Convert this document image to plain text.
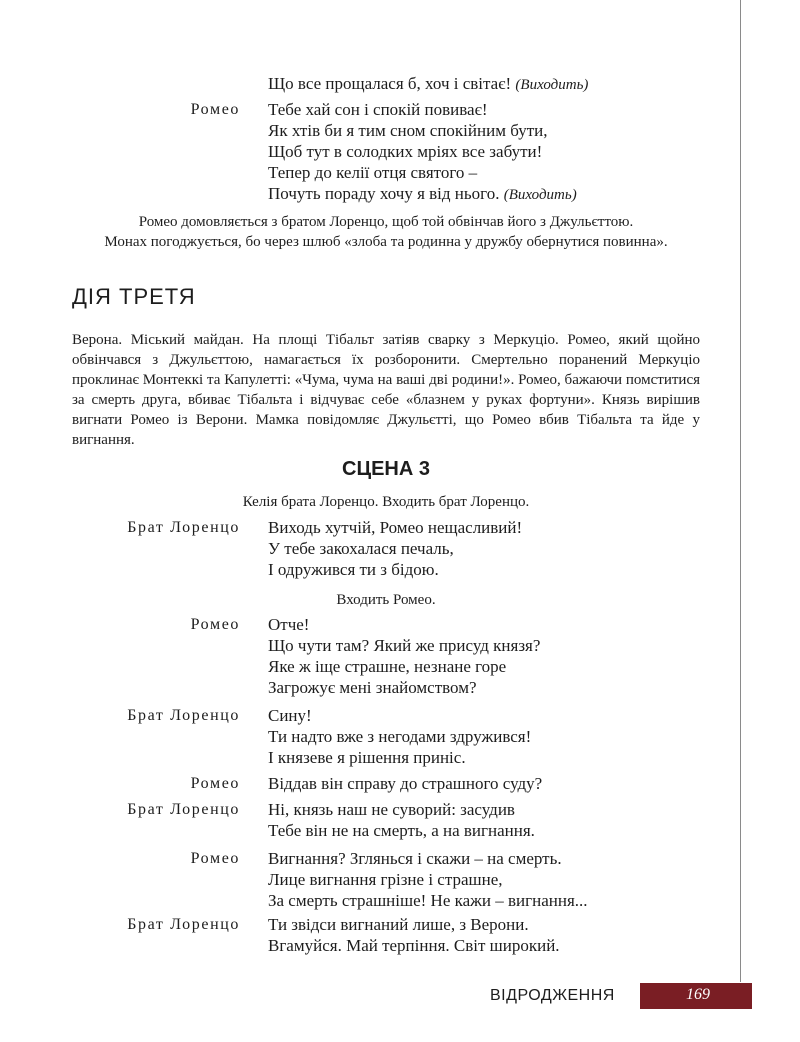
Що все прощалася б, хоч і світає! (Виходить)
Ромео Тебе хай сон і спокій повиває!
Як хтів би я тим сном спокійним бути,
Щоб тут в солодких мріях все забути!
Тепер до келії отця святого –
Почуть пораду хочу я від нього. (Виходить)
Ромео домовляється з братом Лоренцо, щоб той обвінчав його з Джульєттою.
Монах погоджується, бо через шлюб «злоба та родинна у дружбу обернутися повинна».
ДІЯ ТРЕТЯ
Верона. Міський майдан. На площі Тібальт затіяв сварку з Меркуціо. Ромео, який щойно обвінчався з Джульєттою, намагається їх розборонити. Смертельно поранений Меркуціо проклинає Монтеккі та Капулетті: «Чума, чума на ваші дві родини!». Ромео, бажаючи помститися за смерть друга, вбиває Тібальта і відчуває себе «блазнем у руках фортуни». Князь вирішив вигнати Ромео із Верони. Мамка повідомляє Джульєтті, що Ромео вбив Тібальта та йде у вигнання.
СЦЕНА 3
Келія брата Лоренцо. Входить брат Лоренцо.
Брат Лоренцо Виходь хутчій, Ромео нещасливий!
У тебе закохалася печаль,
І одружився ти з бідою.
Входить Ромео.
Ромео Отче!
Що чути там? Який же присуд князя?
Яке ж іще страшне, незнане горе
Загрожує мені знайомством?
Брат Лоренцо Сину!
Ти надто вже з негодами здружився!
І князеве я рішення приніс.
Ромео Віддав він справу до страшного суду?
Брат Лоренцо Ні, князь наш не суворий: засудив
Тебе він не на смерть, а на вигнання.
Ромео Вигнання? Зглянься і скажи – на смерть.
Лице вигнання грізне і страшне,
За смерть страшніше! Не кажи – вигнання...
Брат Лоренцо Ти звідси вигнаний лише, з Верони.
Вгамуйся. Май терпіння. Світ широкий.
ВІДРОДЖЕННЯ	169
